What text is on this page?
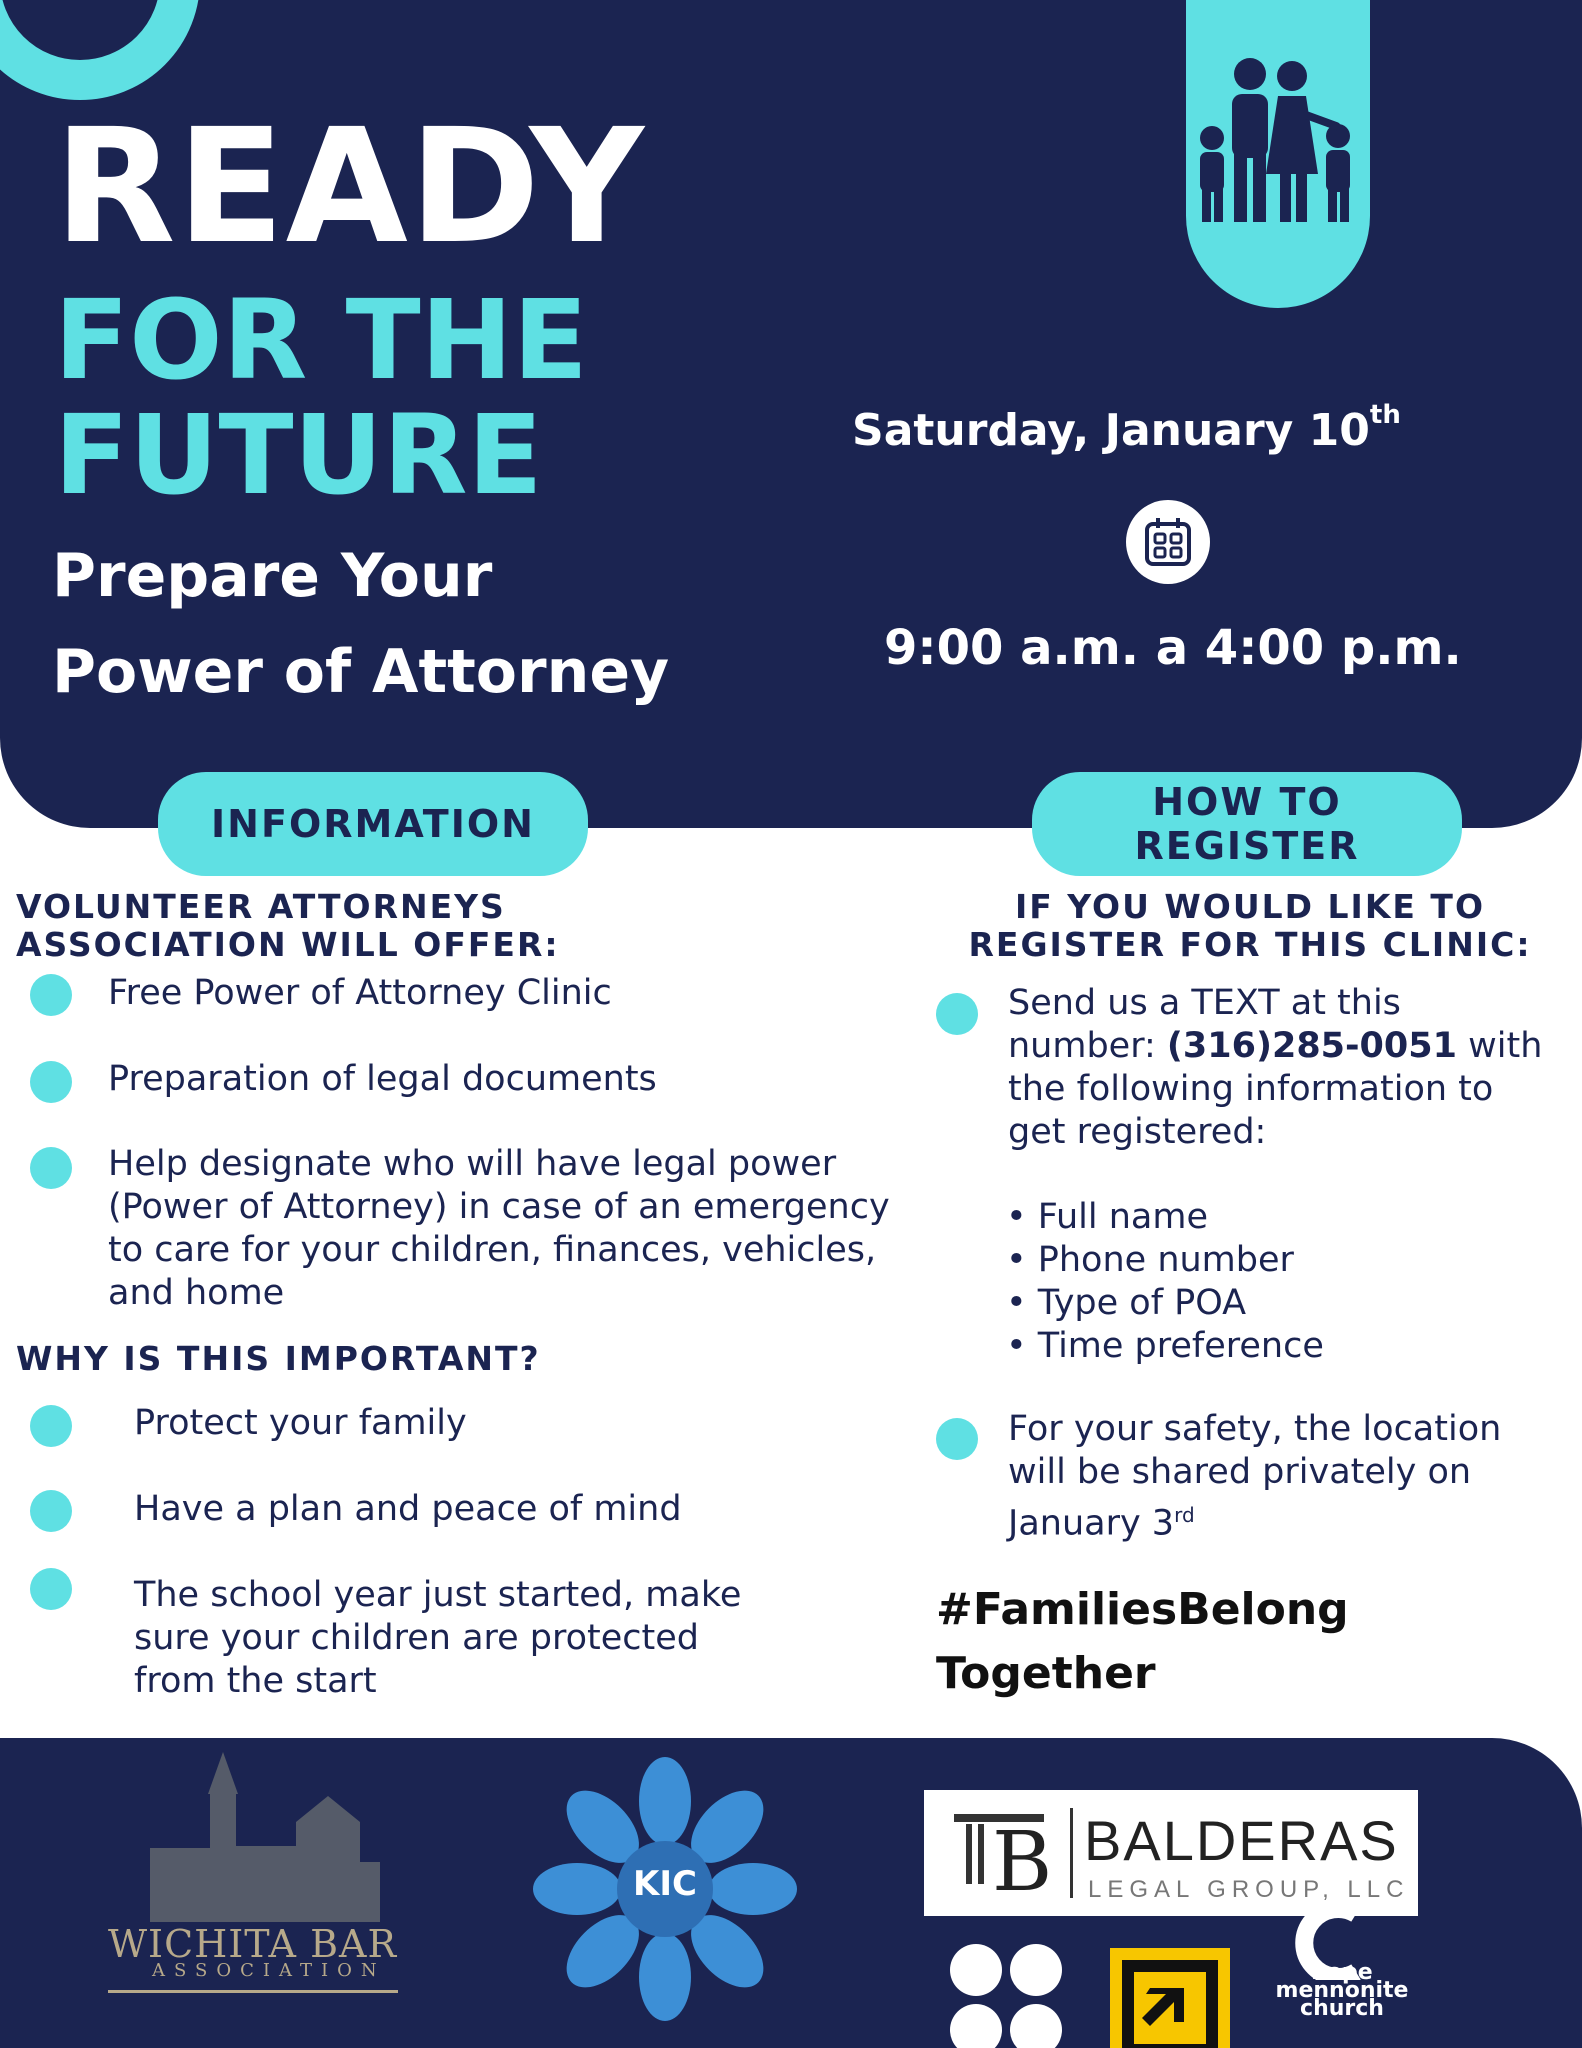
READY
FOR THE
FUTURE
Prepare Your
Power of Attorney
Saturday, January 10th
9:00 a.m. a 4:00 p.m.
INFORMATION	HOW TO
REGISTER
VOLUNTEER ATTORNEYS
ASSOCIATION WILL OFFER:
Free Power of Attorney Clinic
Preparation of legal documents
Help designate who will have legal power
(Power of Attorney) in case of an emergency
to care for your children, finances, vehicles,
and home
WHY IS THIS IMPORTANT?
Protect your family
Have a plan and peace of mind
The school year just started, make
sure your children are protected
from the start
IF YOU WOULD LIKE TO
REGISTER FOR THIS CLINIC:
Send us a TEXT at this
number: (316)285-0051 with
the following information to
get registered:
• Full name
• Phone number
• Type of POA
• Time preference
For your safety, the location
will be shared privately on
January 3rd
#FamiliesBelong
Together
WICHITA BAR
ASSOCIATION
KIC	B BALDERAS
LEGAL GROUP, LLC
hope
mennonite
church
